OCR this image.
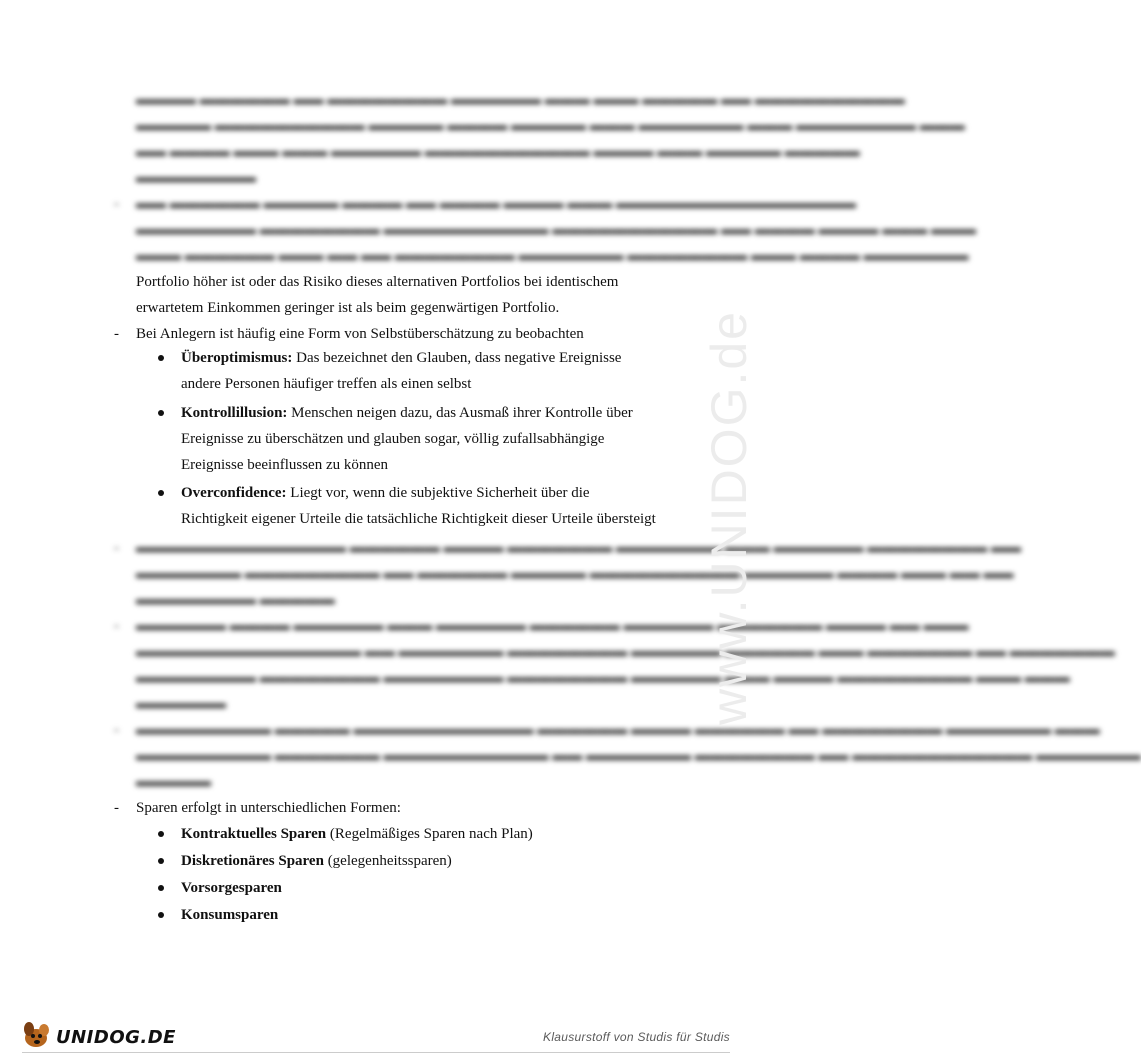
▬▬▬▬ ▬▬▬▬▬▬ ▬▬ ▬▬▬▬▬▬▬▬ ▬▬▬▬▬▬ ▬▬▬ ▬▬▬ ▬▬▬▬▬ ▬▬ ▬▬▬▬▬▬▬▬▬▬
▬▬▬▬▬ ▬▬▬▬▬▬▬▬▬▬ ▬▬▬▬▬ ▬▬▬▬ ▬▬▬▬▬ ▬▬▬ ▬▬▬▬▬▬▬ ▬▬▬ ▬▬▬▬▬▬▬▬ ▬▬▬
▬▬ ▬▬▬▬ ▬▬▬ ▬▬▬ ▬▬▬▬▬▬ ▬▬▬▬▬▬▬▬▬▬▬ ▬▬▬▬ ▬▬▬ ▬▬▬▬▬ ▬▬▬▬▬
▬▬▬▬▬▬▬▬
- ▬▬ ▬▬▬▬▬▬ ▬▬▬▬▬ ▬▬▬▬ ▬▬ ▬▬▬▬ ▬▬▬▬ ▬▬▬ ▬▬▬▬▬▬▬▬▬▬▬▬▬▬▬▬
▬▬▬▬▬▬▬▬ ▬▬▬▬▬▬▬▬ ▬▬▬▬▬▬▬▬▬▬▬ ▬▬▬▬▬▬▬▬▬▬▬ ▬▬ ▬▬▬▬ ▬▬▬▬ ▬▬▬ ▬▬▬
▬▬▬ ▬▬▬▬▬▬ ▬▬▬ ▬▬ ▬▬ ▬▬▬▬▬▬▬▬ ▬▬▬▬▬▬▬ ▬▬▬▬▬▬▬▬ ▬▬▬ ▬▬▬▬ ▬▬▬▬▬▬▬
Portfolio höher ist oder das Risiko dieses alternativen Portfolios bei identischem
erwartetem Einkommen geringer ist als beim gegenwärtigen Portfolio.
- Bei Anlegern ist häufig eine Form von Selbstüberschätzung zu beobachten
Überoptimismus: Das bezeichnet den Glauben, dass negative Ereignisse
andere Personen häufiger treffen als einen selbst
Kontrollillusion: Menschen neigen dazu, das Ausmaß ihrer Kontrolle über
Ereignisse zu überschätzen und glauben sogar, völlig zufallsabhängige
Ereignisse beeinflussen zu können
Overconfidence: Liegt vor, wenn die subjektive Sicherheit über die
Richtigkeit eigener Urteile die tatsächliche Richtigkeit dieser Urteile übersteigt
- ▬▬▬▬▬▬▬▬▬▬▬▬▬▬ ▬▬▬▬▬▬ ▬▬▬▬ ▬▬▬▬▬▬▬ ▬▬▬▬▬▬▬ ▬▬▬ ▬▬▬▬▬▬ ▬▬▬▬▬▬▬▬ ▬▬
▬▬▬▬▬▬▬ ▬▬▬▬▬▬▬▬▬ ▬▬ ▬▬▬▬▬▬ ▬▬▬▬▬ ▬▬▬▬▬▬▬▬▬▬ ▬▬▬▬▬▬ ▬▬▬▬ ▬▬▬ ▬▬ ▬▬
▬▬▬▬▬▬▬▬ ▬▬▬▬▬
- ▬▬▬▬▬▬ ▬▬▬▬ ▬▬▬▬▬▬ ▬▬▬ ▬▬▬▬▬▬ ▬▬▬▬▬▬ ▬▬▬▬▬▬ ▬▬▬▬▬▬▬ ▬▬▬▬ ▬▬ ▬▬▬
▬▬▬▬▬▬▬▬▬▬▬▬▬▬▬ ▬▬ ▬▬▬▬▬▬▬ ▬▬▬▬▬▬▬▬ ▬▬▬▬▬▬ ▬▬▬▬▬▬ ▬▬▬ ▬▬▬▬▬▬▬ ▬▬ ▬▬▬▬▬▬▬
▬▬▬▬▬▬▬▬ ▬▬▬▬▬▬▬▬ ▬▬▬▬▬▬▬▬ ▬▬▬▬▬▬▬▬ ▬▬▬▬▬▬ ▬▬▬ ▬▬▬▬ ▬▬▬▬▬▬▬▬▬ ▬▬▬ ▬▬▬
▬▬▬▬▬▬
- ▬▬▬▬▬▬▬▬▬ ▬▬▬▬▬ ▬▬▬▬▬▬▬▬▬▬▬▬ ▬▬▬▬▬▬ ▬▬▬▬ ▬▬▬▬▬▬ ▬▬ ▬▬▬▬▬▬▬▬ ▬▬▬▬▬▬▬ ▬▬▬
▬▬▬▬▬▬▬▬▬ ▬▬▬▬▬▬▬ ▬▬▬▬▬▬▬▬▬▬▬ ▬▬ ▬▬▬▬▬▬▬ ▬▬▬▬▬▬▬▬ ▬▬ ▬▬▬▬▬▬▬▬▬▬▬▬ ▬▬▬▬▬▬▬
▬▬▬▬▬
- Sparen erfolgt in unterschiedlichen Formen:
Kontraktuelles Sparen (Regelmäßiges Sparen nach Plan)
Diskretionäres Sparen (gelegenheitssparen)
Vorsorgesparen
Konsumsparen
www.UNIDOG.de
UNIDOG.DE	Klausurstoff von Studis für Studis
